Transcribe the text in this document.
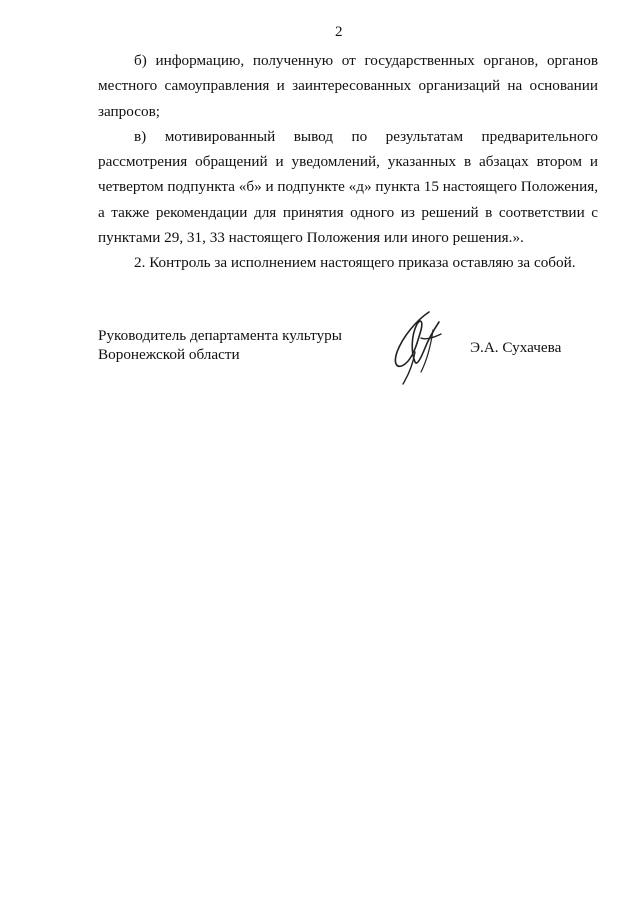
2

б) информацию, полученную от государственных органов, органов местного самоуправления и заинтересованных организаций на основании запросов;

в) мотивированный вывод по результатам предварительного рассмотрения обращений и уведомлений, указанных в абзацах втором и четвертом подпункта «б» и подпункте «д» пункта 15 настоящего Положения, а также рекомендации для принятия одного из решений в соответствии с пунктами 29, 31, 33 настоящего Положения или иного решения.».

2. Контроль за исполнением настоящего приказа оставляю за собой.

Руководитель департамента культуры
Воронежской области	Э.А. Сухачева
